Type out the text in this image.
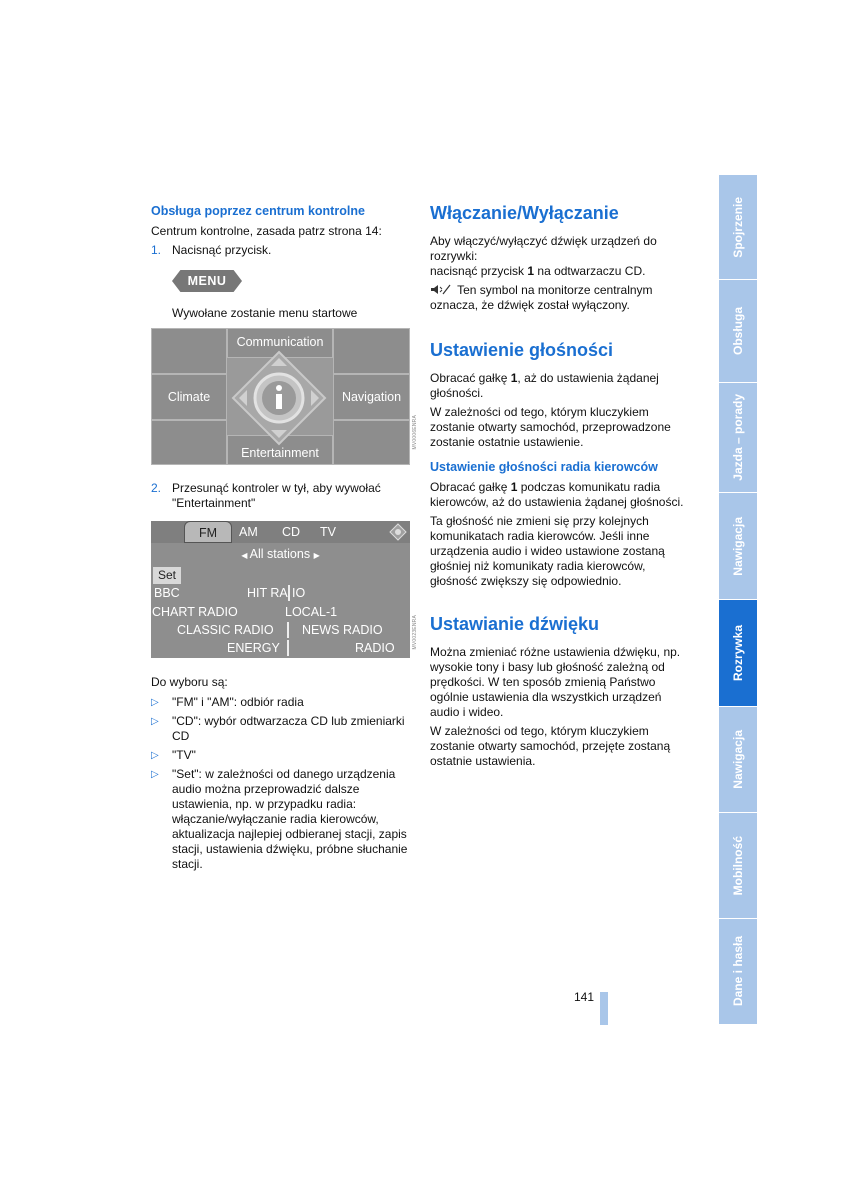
Obsługa poprzez centrum kontrolne

Centrum kontrolne, zasada patrz strona 14:

1. Nacisnąć przycisk.
MENU

Wywołane zostanie menu startowe

Communication
Climate	Navigation
Entertainment
MV0006ENRA
2. Przesunąć kontroler w tył, aby wywołać "Entertainment"
FM	AM CD TV
◀ All stations ▶
Set
BBC	HIT RA IO
CHART RADIO	LOCAL-1
CLASSIC RADIO NEWS RADIO
ENERGY	RADIO	MV0023ENRA

Do wyboru są:

▷	"FM" i "AM": odbiór radia
▷	"CD": wybór odtwarzacza CD lub zmieniarki CD
▷	"TV"
▷	"Set": w zależności od danego urządzenia audio można przeprowadzić dalsze ustawienia, np. w przypadku radia: włączanie/wyłączanie radia kierowców, aktualizacja najlepiej odbieranej stacji, zapis stacji, ustawienia dźwięku, próbne słuchanie stacji.
Włączanie/Wyłączanie

Aby włączyć/wyłączyć dźwięk urządzeń do rozrywki:

nacisnąć przycisk 1 na odtwarzaczu CD.

Ten symbol na monitorze centralnym oznacza, że dźwięk został wyłączony.

Ustawienie głośności

Obracać gałkę 1, aż do ustawienia żądanej głośności.

W zależności od tego, którym kluczykiem zostanie otwarty samochód, przeprowadzone zostanie ostatnie ustawienie.

Ustawienie głośności radia kierowców

Obracać gałkę 1 podczas komunikatu radia kierowców, aż do ustawienia żądanej głośności.

Ta głośność nie zmieni się przy kolejnych komunikatach radia kierowców. Jeśli inne urządzenia audio i wideo ustawione zostaną głośniej niż komunikaty radia kierowców, głośność zwiększy się odpowiednio.

Ustawianie dźwięku

Można zmieniać różne ustawienia dźwięku, np. wysokie tony i basy lub głośność zależną od prędkości. W ten sposób zmienią Państwo ogólnie ustawienia dla wszystkich urządzeń audio i wideo.

W zależności od tego, którym kluczykiem zostanie otwarty samochód, przejęte zostaną ostatnie ustawienia.

Spojrzenie
Obsługa
Jazda – porady
Nawigacja
Rozrywka
Nawigacja
Mobilność
Dane i hasła
141
